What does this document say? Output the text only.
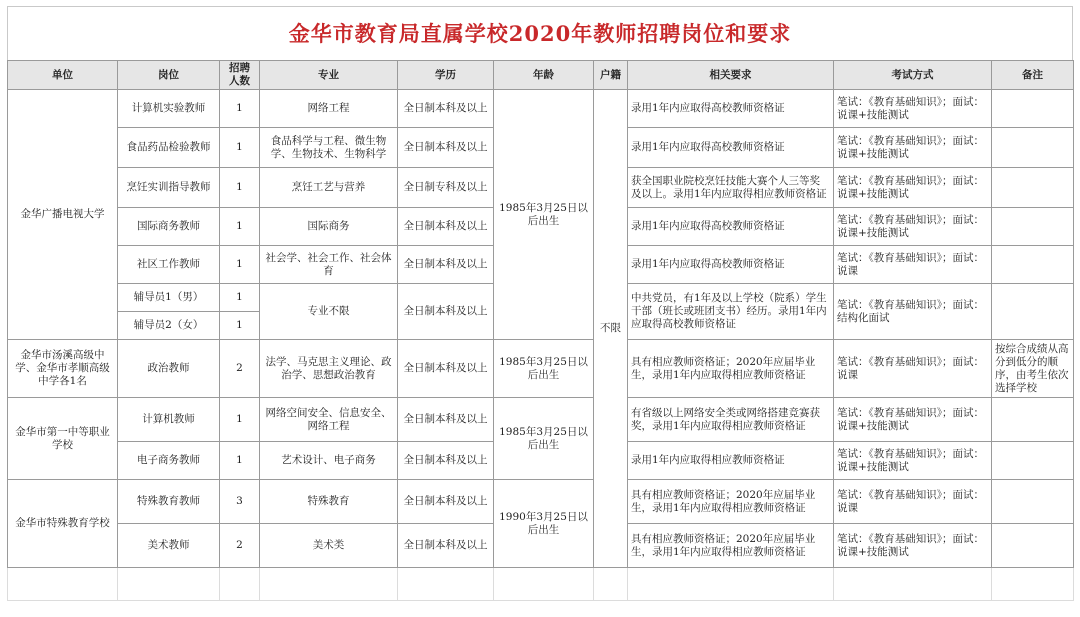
金华市教育局直属学校2020年教师招聘岗位和要求
单位	岗位	招聘人数	专业	学历	年龄	户籍	相关要求	考试方式	备注
金华广播电视大学	计算机实验教师	1	网络工程	全日制本科及以上	1985年3月25日以后出生	不限	录用1年内应取得高校教师资格证	笔试：《教育基础知识》；面试：说课+技能测试	
	食品药品检验教师	1	食品科学与工程、微生物学、生物技术、生物科学	全日制本科及以上			录用1年内应取得高校教师资格证	笔试：《教育基础知识》；面试：说课+技能测试	
	烹饪实训指导教师	1	烹饪工艺与营养	全日制专科及以上			获全国职业院校烹饪技能大赛个人三等奖及以上。录用1年内应取得相应教师资格证	笔试：《教育基础知识》；面试：说课+技能测试	
	国际商务教师	1	国际商务	全日制本科及以上			录用1年内应取得高校教师资格证	笔试：《教育基础知识》；面试：说课+技能测试	
	社区工作教师	1	社会学、社会工作、社会体育	全日制本科及以上			录用1年内应取得高校教师资格证	笔试：《教育基础知识》；面试：说课	
	辅导员1（男）	1	专业不限	全日制本科及以上			中共党员，有1年及以上学校（院系）学生干部（班长或班团支书）经历。录用1年内应取得高校教师资格证	笔试：《教育基础知识》；面试：结构化面试	
	辅导员2（女）	1							
金华市汤溪高级中学、金华市孝顺高级中学各1名	政治教师	2	法学、马克思主义理论、政治学、思想政治教育	全日制本科及以上	1985年3月25日以后出生		具有相应教师资格证；2020年应届毕业生，录用1年内应取得相应教师资格证	笔试：《教育基础知识》；面试：说课	按综合成绩从高分到低分的顺序，由考生依次选择学校
金华市第一中等职业学校	计算机教师	1	网络空间安全、信息安全、网络工程	全日制本科及以上	1985年3月25日以后出生		有省级以上网络安全类或网络搭建竞赛获奖，录用1年内应取得相应教师资格证	笔试：《教育基础知识》；面试：说课+技能测试	
	电子商务教师	1	艺术设计、电子商务	全日制本科及以上			录用1年内应取得相应教师资格证	笔试：《教育基础知识》；面试：说课+技能测试	
金华市特殊教育学校	特殊教育教师	3	特殊教育	全日制本科及以上	1990年3月25日以后出生		具有相应教师资格证；2020年应届毕业生，录用1年内应取得相应教师资格证	笔试：《教育基础知识》；面试：说课	
	美术教师	2	美术类	全日制本科及以上			具有相应教师资格证；2020年应届毕业生，录用1年内应取得相应教师资格证	笔试：《教育基础知识》；面试：说课+技能测试	
